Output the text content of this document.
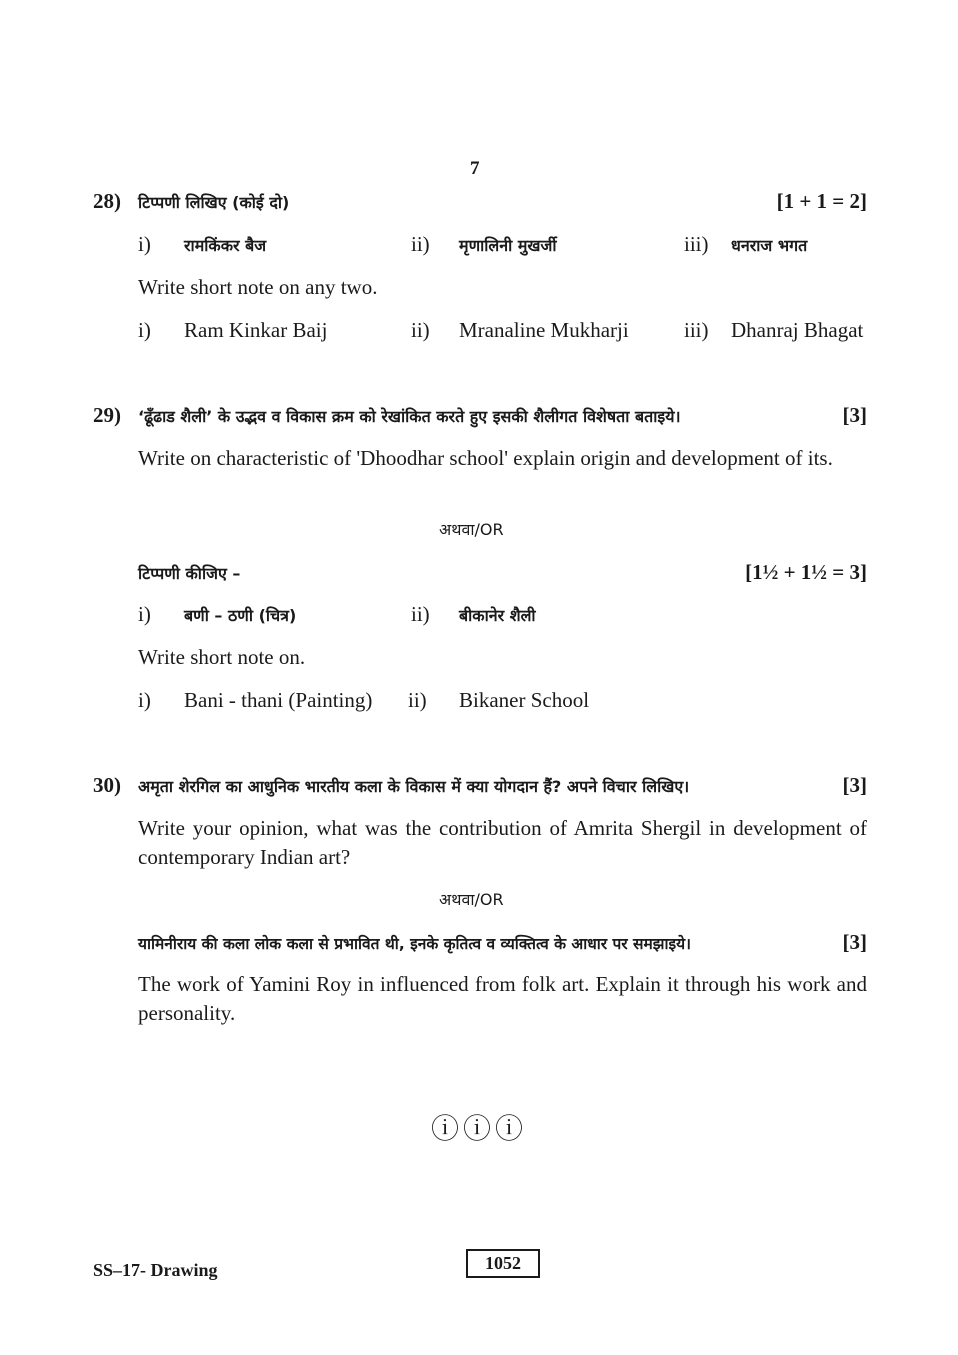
7
28) टिप्पणी लिखिए (कोई दो)	[1 + 1 = 2]
i) रामकिंकर बैज	ii) मृणालिनी मुखर्जी	iii) धनराज भगत
Write short note on any two.
i) Ram Kinkar Baij	ii) Mranaline Mukharji	iii) Dhanraj Bhagat
29) ‘ढूँढाड शैली’ के उद्भव व विकास क्रम को रेखांकित करते हुए इसकी शैलीगत विशेषता बताइये।	[3]
Write on characteristic of 'Dhoodhar school' explain origin and development of its.
अथवा/OR
टिप्पणी कीजिए –	[1½ + 1½ = 3]
i) बणी – ठणी (चित्र)	ii) बीकानेर शैली
Write short note on.
i) Bani - thani (Painting) ii) Bikaner School
30) अमृता शेरगिल का आधुनिक भारतीय कला के विकास में क्या योगदान हैं? अपने विचार लिखिए।	[3]
Write your opinion, what was the contribution of Amrita Shergil in development of contemporary Indian art?
अथवा/OR
यामिनीराय की कला लोक कला से प्रभावित थी, इनके कृतित्व व व्यक्तित्व के आधार पर समझाइये।	[3]
The work of Yamini Roy in influenced from folk art. Explain it through his work and personality.
ⓘ ⓘ ⓘ
SS–17- Drawing	1052
